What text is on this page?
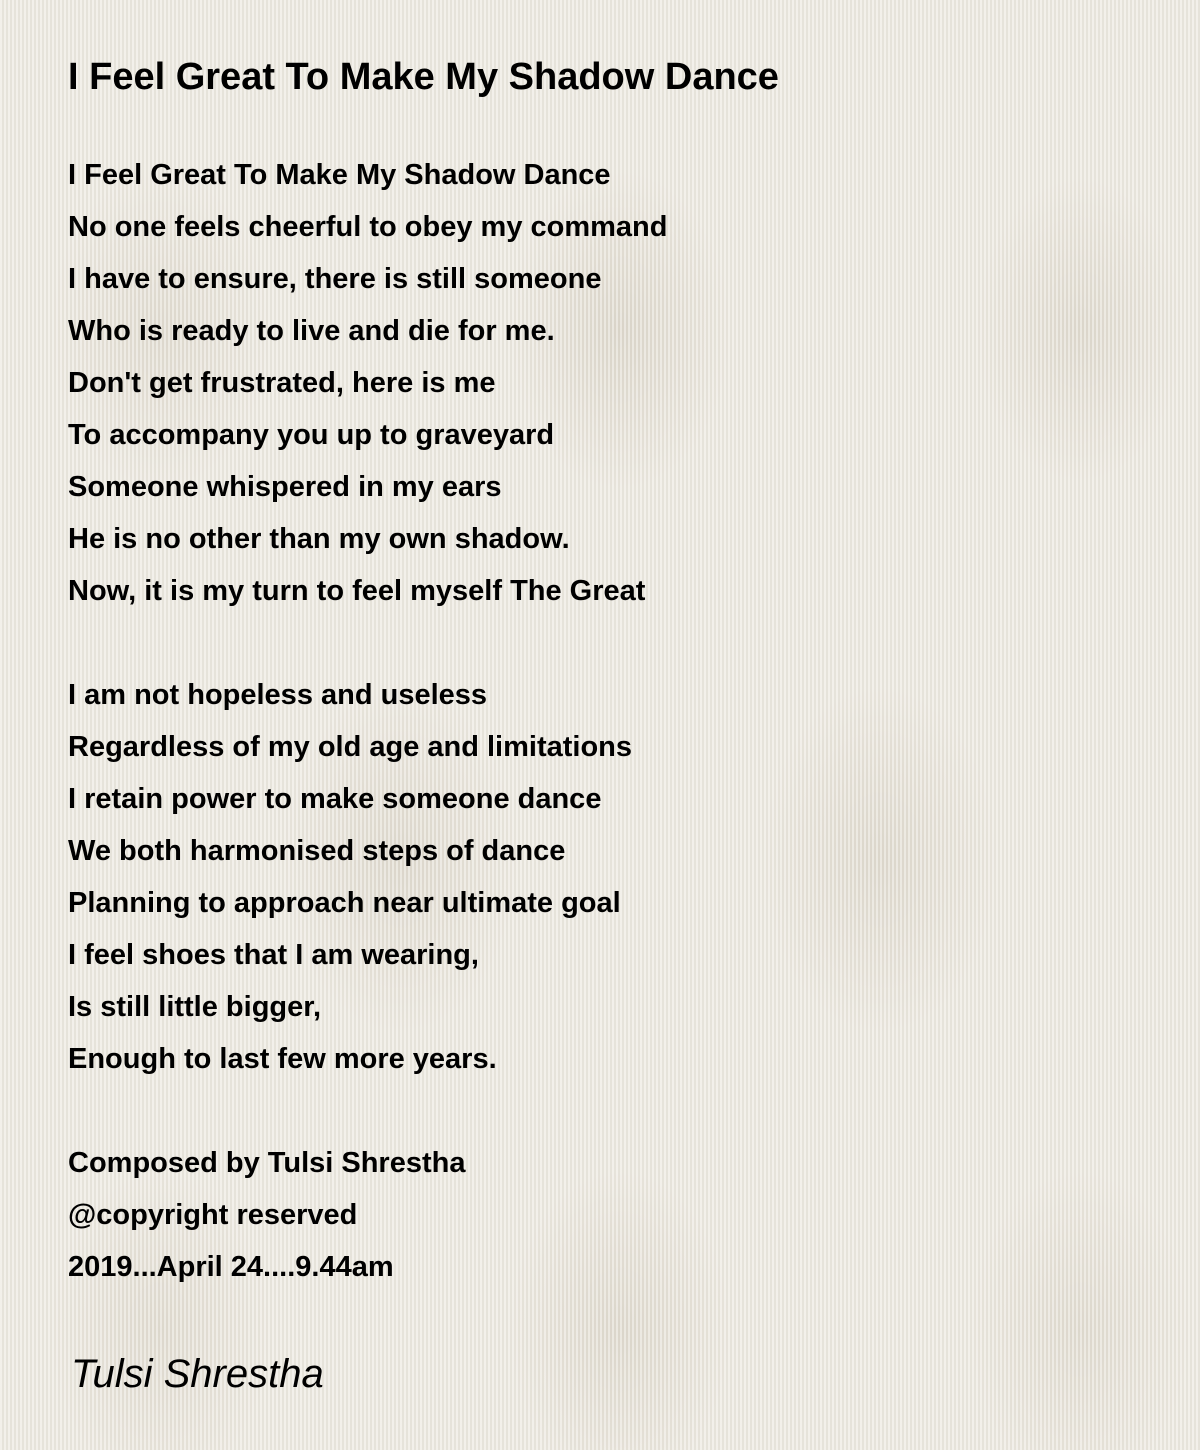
I Feel Great To Make My Shadow Dance
I Feel Great To Make My Shadow Dance
No one feels cheerful to obey my command
I have to ensure, there is still someone
Who is ready to live and die for me.
Don't get frustrated, here is me
To accompany you up to graveyard
Someone whispered in my ears
He is no other than my own shadow.
Now, it is my turn to feel myself The Great
I am not hopeless and useless
Regardless of my old age and limitations
I retain power to make someone dance
We both harmonised steps of dance
Planning to approach near ultimate goal
I feel shoes that I am wearing,
Is still little bigger,
Enough to last few more years.
Composed by Tulsi Shrestha
@copyright reserved
2019...April 24....9.44am
Tulsi Shrestha
